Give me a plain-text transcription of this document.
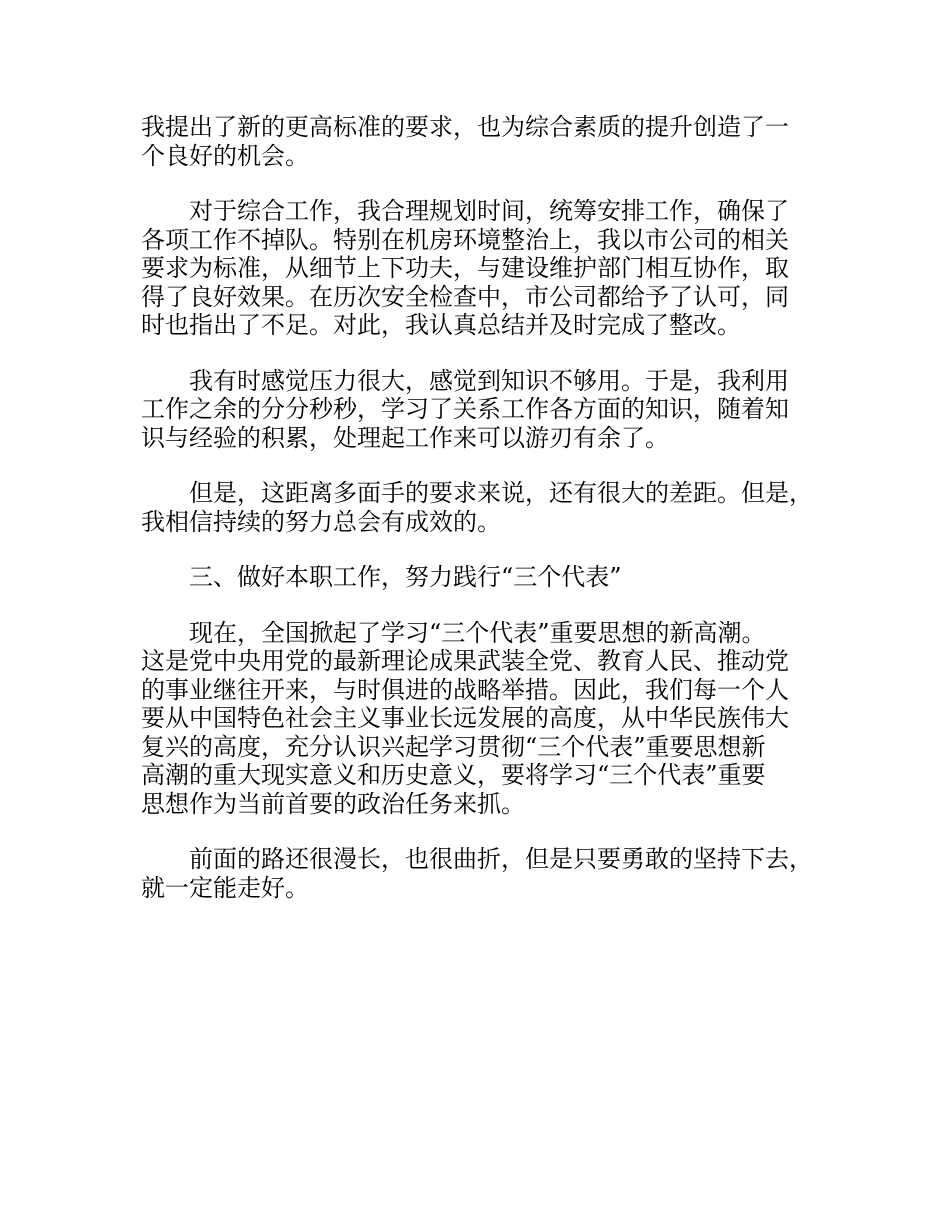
我提出了新的更高标准的要求，也为综合素质的提升创造了一
个良好的机会。

对于综合工作，我合理规划时间，统筹安排工作，确保了
各项工作不掉队。特别在机房环境整治上，我以市公司的相关
要求为标准，从细节上下功夫，与建设维护部门相互协作，取
得了良好效果。在历次安全检查中，市公司都给予了认可，同
时也指出了不足。对此，我认真总结并及时完成了整改。

我有时感觉压力很大，感觉到知识不够用。于是，我利用
工作之余的分分秒秒，学习了关系工作各方面的知识，随着知
识与经验的积累，处理起工作来可以游刃有余了。

但是，这距离多面手的要求来说，还有很大的差距。但是，
我相信持续的努力总会有成效的。

三、做好本职工作，努力践行“三个代表”

现在，全国掀起了学习“三个代表”重要思想的新高潮。
这是党中央用党的最新理论成果武装全党、教育人民、推动党
的事业继往开来，与时俱进的战略举措。因此，我们每一个人
要从中国特色社会主义事业长远发展的高度，从中华民族伟大
复兴的高度，充分认识兴起学习贯彻“三个代表”重要思想新
高潮的重大现实意义和历史意义，要将学习“三个代表”重要
思想作为当前首要的政治任务来抓。

前面的路还很漫长，也很曲折，但是只要勇敢的坚持下去，
就一定能走好。
